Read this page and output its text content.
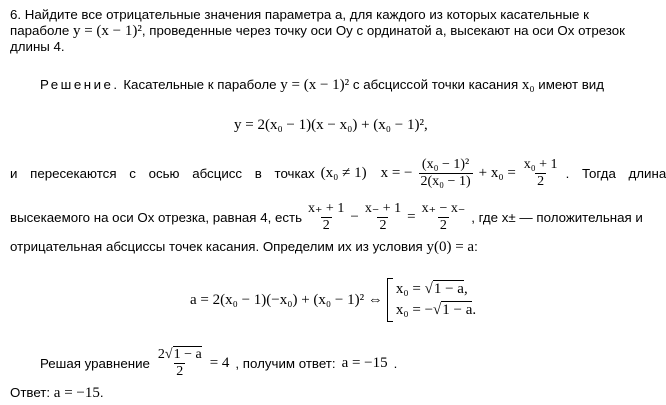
6. Найдите все отрицательные значения параметра a, для каждого из которых касательные к
параболе y = (x − 1)², проведенные через точку оси Oy с ординатой a, высекают на оси Ox отрезок
длины 4.
Решение. Касательные к параболе y = (x − 1)² с абсциссой точки касания x₀ имеют вид
y = 2(x₀ − 1)(x − x₀) + (x₀ − 1)²,
и пересекаются с осью абсцисс в точках (x₀ ≠ 1) x = − $\frac{\text{(x₀ − 1)²}}{\text{2(x₀ − 1)}} + x_0 = \frac{\text{x₀ + 1}}{2}$ . Тогда длина
высекаемого на оси Ox отрезка, равная 4, есть $\frac{x_+ + 1}{2} - \frac{x_- + 1}{2} = \frac{x_+ - x_-}{2}$ , где x± — положительная и
отрицательная абсциссы точек касания. Определим их из условия y(0) = a:
a = 2(x₀ − 1)(−x₀) + (x₀ − 1)² ⇔
x₀ = √1 − a,
x₀ = −√1 − a.
Решая уравнение $\frac{2√1 - a}{2} = 4$ , получим ответ: a = −15 .
Ответ: a = −15.
